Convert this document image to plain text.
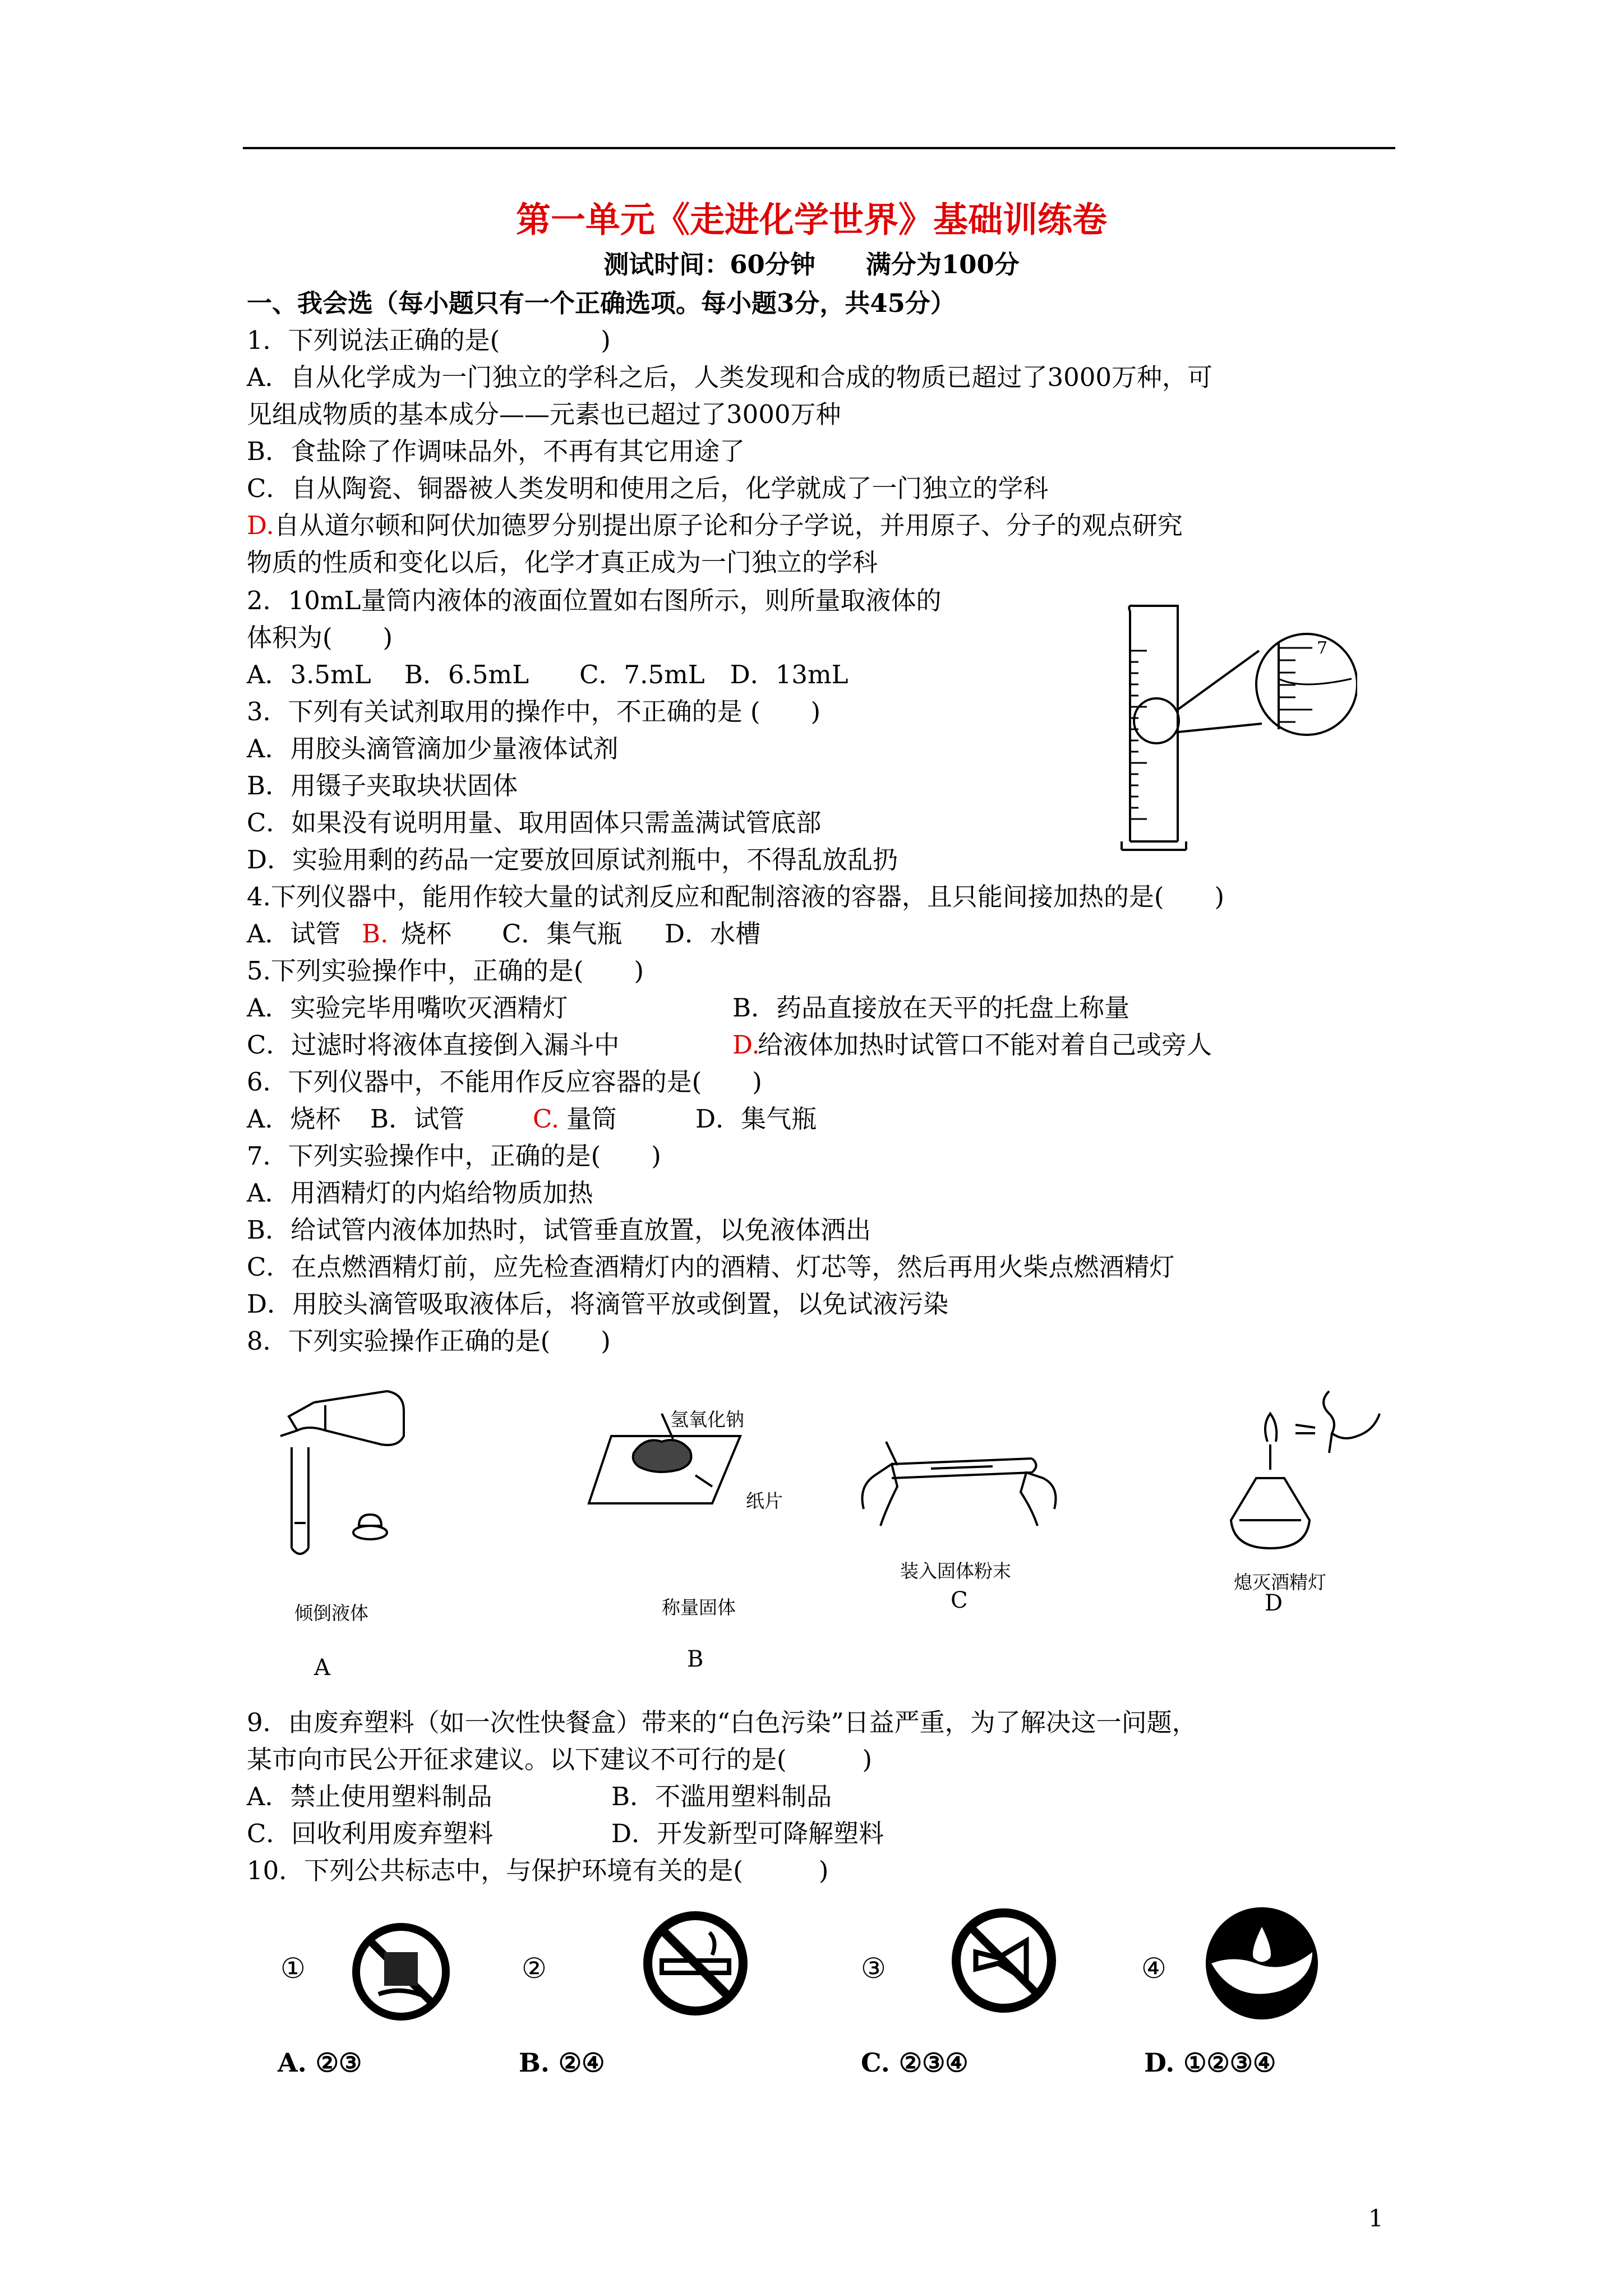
第一单元《走进化学世界》基础训练卷
测试时间：60分钟　　满分为100分
一、我会选（每小题只有一个正确选项。每小题3分，共45分）
1．下列说法正确的是(　　　　)
A．自从化学成为一门独立的学科之后，人类发现和合成的物质已超过了3000万种，可
见组成物质的基本成分——元素也已超过了3000万种
B．食盐除了作调味品外，不再有其它用途了
C．自从陶瓷、铜器被人类发明和使用之后，化学就成了一门独立的学科
D.自从道尔顿和阿伏加德罗分别提出原子论和分子学说，并用原子、分子的观点研究
物质的性质和变化以后，化学才真正成为一门独立的学科
2．10mL量筒内液体的液面位置如右图所示，则所量取液体的
体积为(　　)
A．3.5mL　 B．6.5mL　　C．7.5mL　D．13mL
7
3．下列有关试剂取用的操作中，不正确的是 (　　)
A．用胶头滴管滴加少量液体试剂
B．用镊子夹取块状固体
C．如果没有说明用量、取用固体只需盖满试管底部
D．实验用剩的药品一定要放回原试剂瓶中，不得乱放乱扔
4.下列仪器中，能用作较大量的试剂反应和配制溶液的容器，且只能间接加热的是(　　)
A．试管 B. 烧杯 C．集气瓶 D．水槽
5.下列实验操作中，正确的是(　　)
A．实验完毕用嘴吹灭酒精灯	B．药品直接放在天平的托盘上称量
C．过滤时将液体直接倒入漏斗中	D.给液体加热时试管口不能对着自己或旁人
6．下列仪器中，不能用作反应容器的是(　　)
A．烧杯 B．试管	C. 量筒	D．集气瓶
7．下列实验操作中，正确的是(　　)
A．用酒精灯的内焰给物质加热
B．给试管内液体加热时，试管垂直放置，以免液体洒出
C．在点燃酒精灯前，应先检查酒精灯内的酒精、灯芯等，然后再用火柴点燃酒精灯
D．用胶头滴管吸取液体后，将滴管平放或倒置，以免试液污染
8．下列实验操作正确的是(　　)
倾倒液体
A
氢氧化钠
纸片
称量固体
B
装入固体粉末
C
熄灭酒精灯
D
9．由废弃塑料（如一次性快餐盒）带来的“白色污染”日益严重，为了解决这一问题，
某市向市民公开征求建议。以下建议不可行的是(　　　)
A．禁止使用塑料制品	B．不滥用塑料制品
C．回收利用废弃塑料	D．开发新型可降解塑料
10．下列公共标志中，与保护环境有关的是(　　　)
①	②	③	④
A. ②③	B. ②④	C. ②③④	D. ①②③④
1
